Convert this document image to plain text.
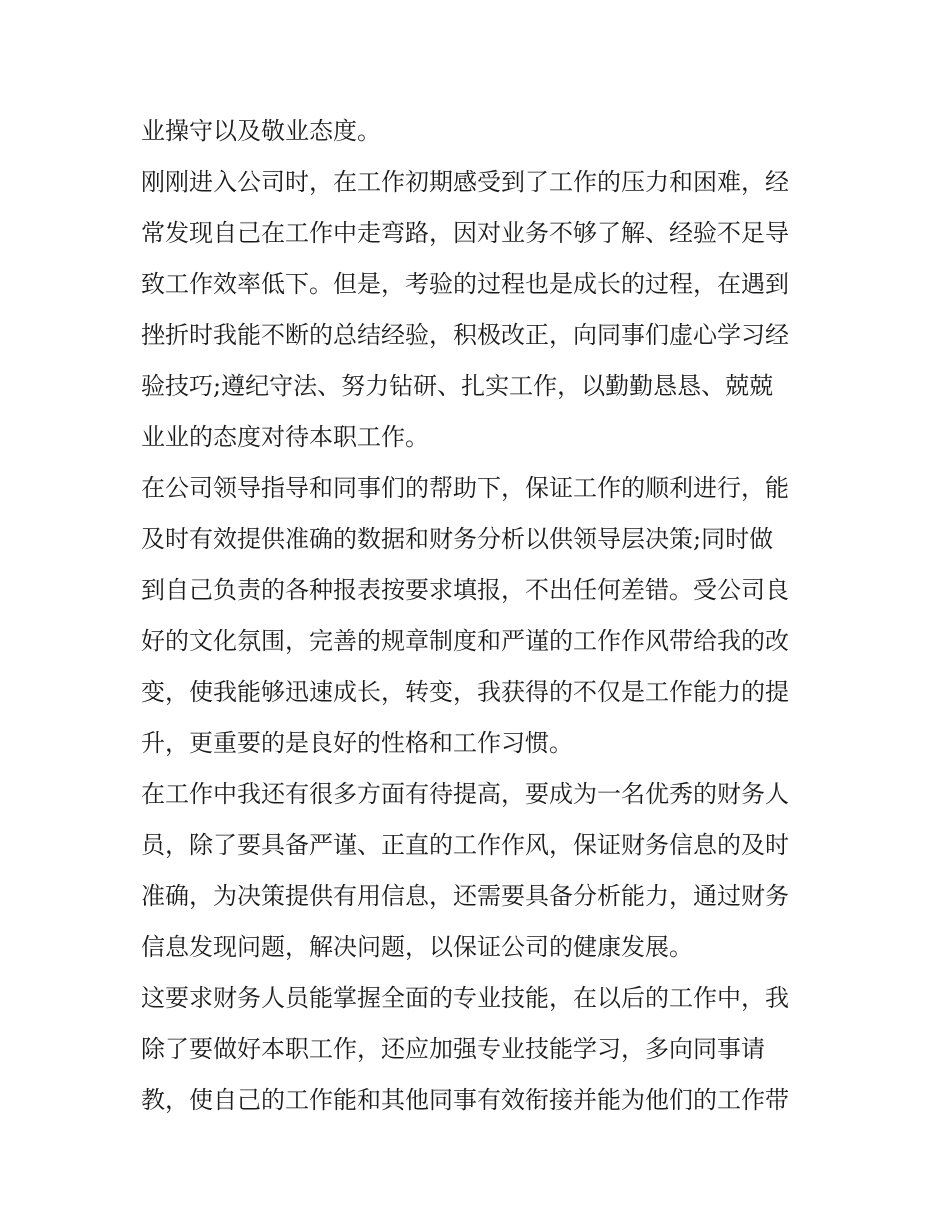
业操守以及敬业态度。
刚刚进入公司时，在工作初期感受到了工作的压力和困难，经
常发现自己在工作中走弯路，因对业务不够了解、经验不足导
致工作效率低下。但是，考验的过程也是成长的过程，在遇到
挫折时我能不断的总结经验，积极改正，向同事们虚心学习经
验技巧;遵纪守法、努力钻研、扎实工作，以勤勤恳恳、兢兢
业业的态度对待本职工作。
在公司领导指导和同事们的帮助下，保证工作的顺利进行，能
及时有效提供准确的数据和财务分析以供领导层决策;同时做
到自己负责的各种报表按要求填报，不出任何差错。受公司良
好的文化氛围，完善的规章制度和严谨的工作作风带给我的改
变，使我能够迅速成长，转变，我获得的不仅是工作能力的提
升，更重要的是良好的性格和工作习惯。
在工作中我还有很多方面有待提高，要成为一名优秀的财务人
员，除了要具备严谨、正直的工作作风，保证财务信息的及时
准确，为决策提供有用信息，还需要具备分析能力，通过财务
信息发现问题，解决问题，以保证公司的健康发展。
这要求财务人员能掌握全面的专业技能，在以后的工作中，我
除了要做好本职工作，还应加强专业技能学习，多向同事请
教，使自己的工作能和其他同事有效衔接并能为他们的工作带
